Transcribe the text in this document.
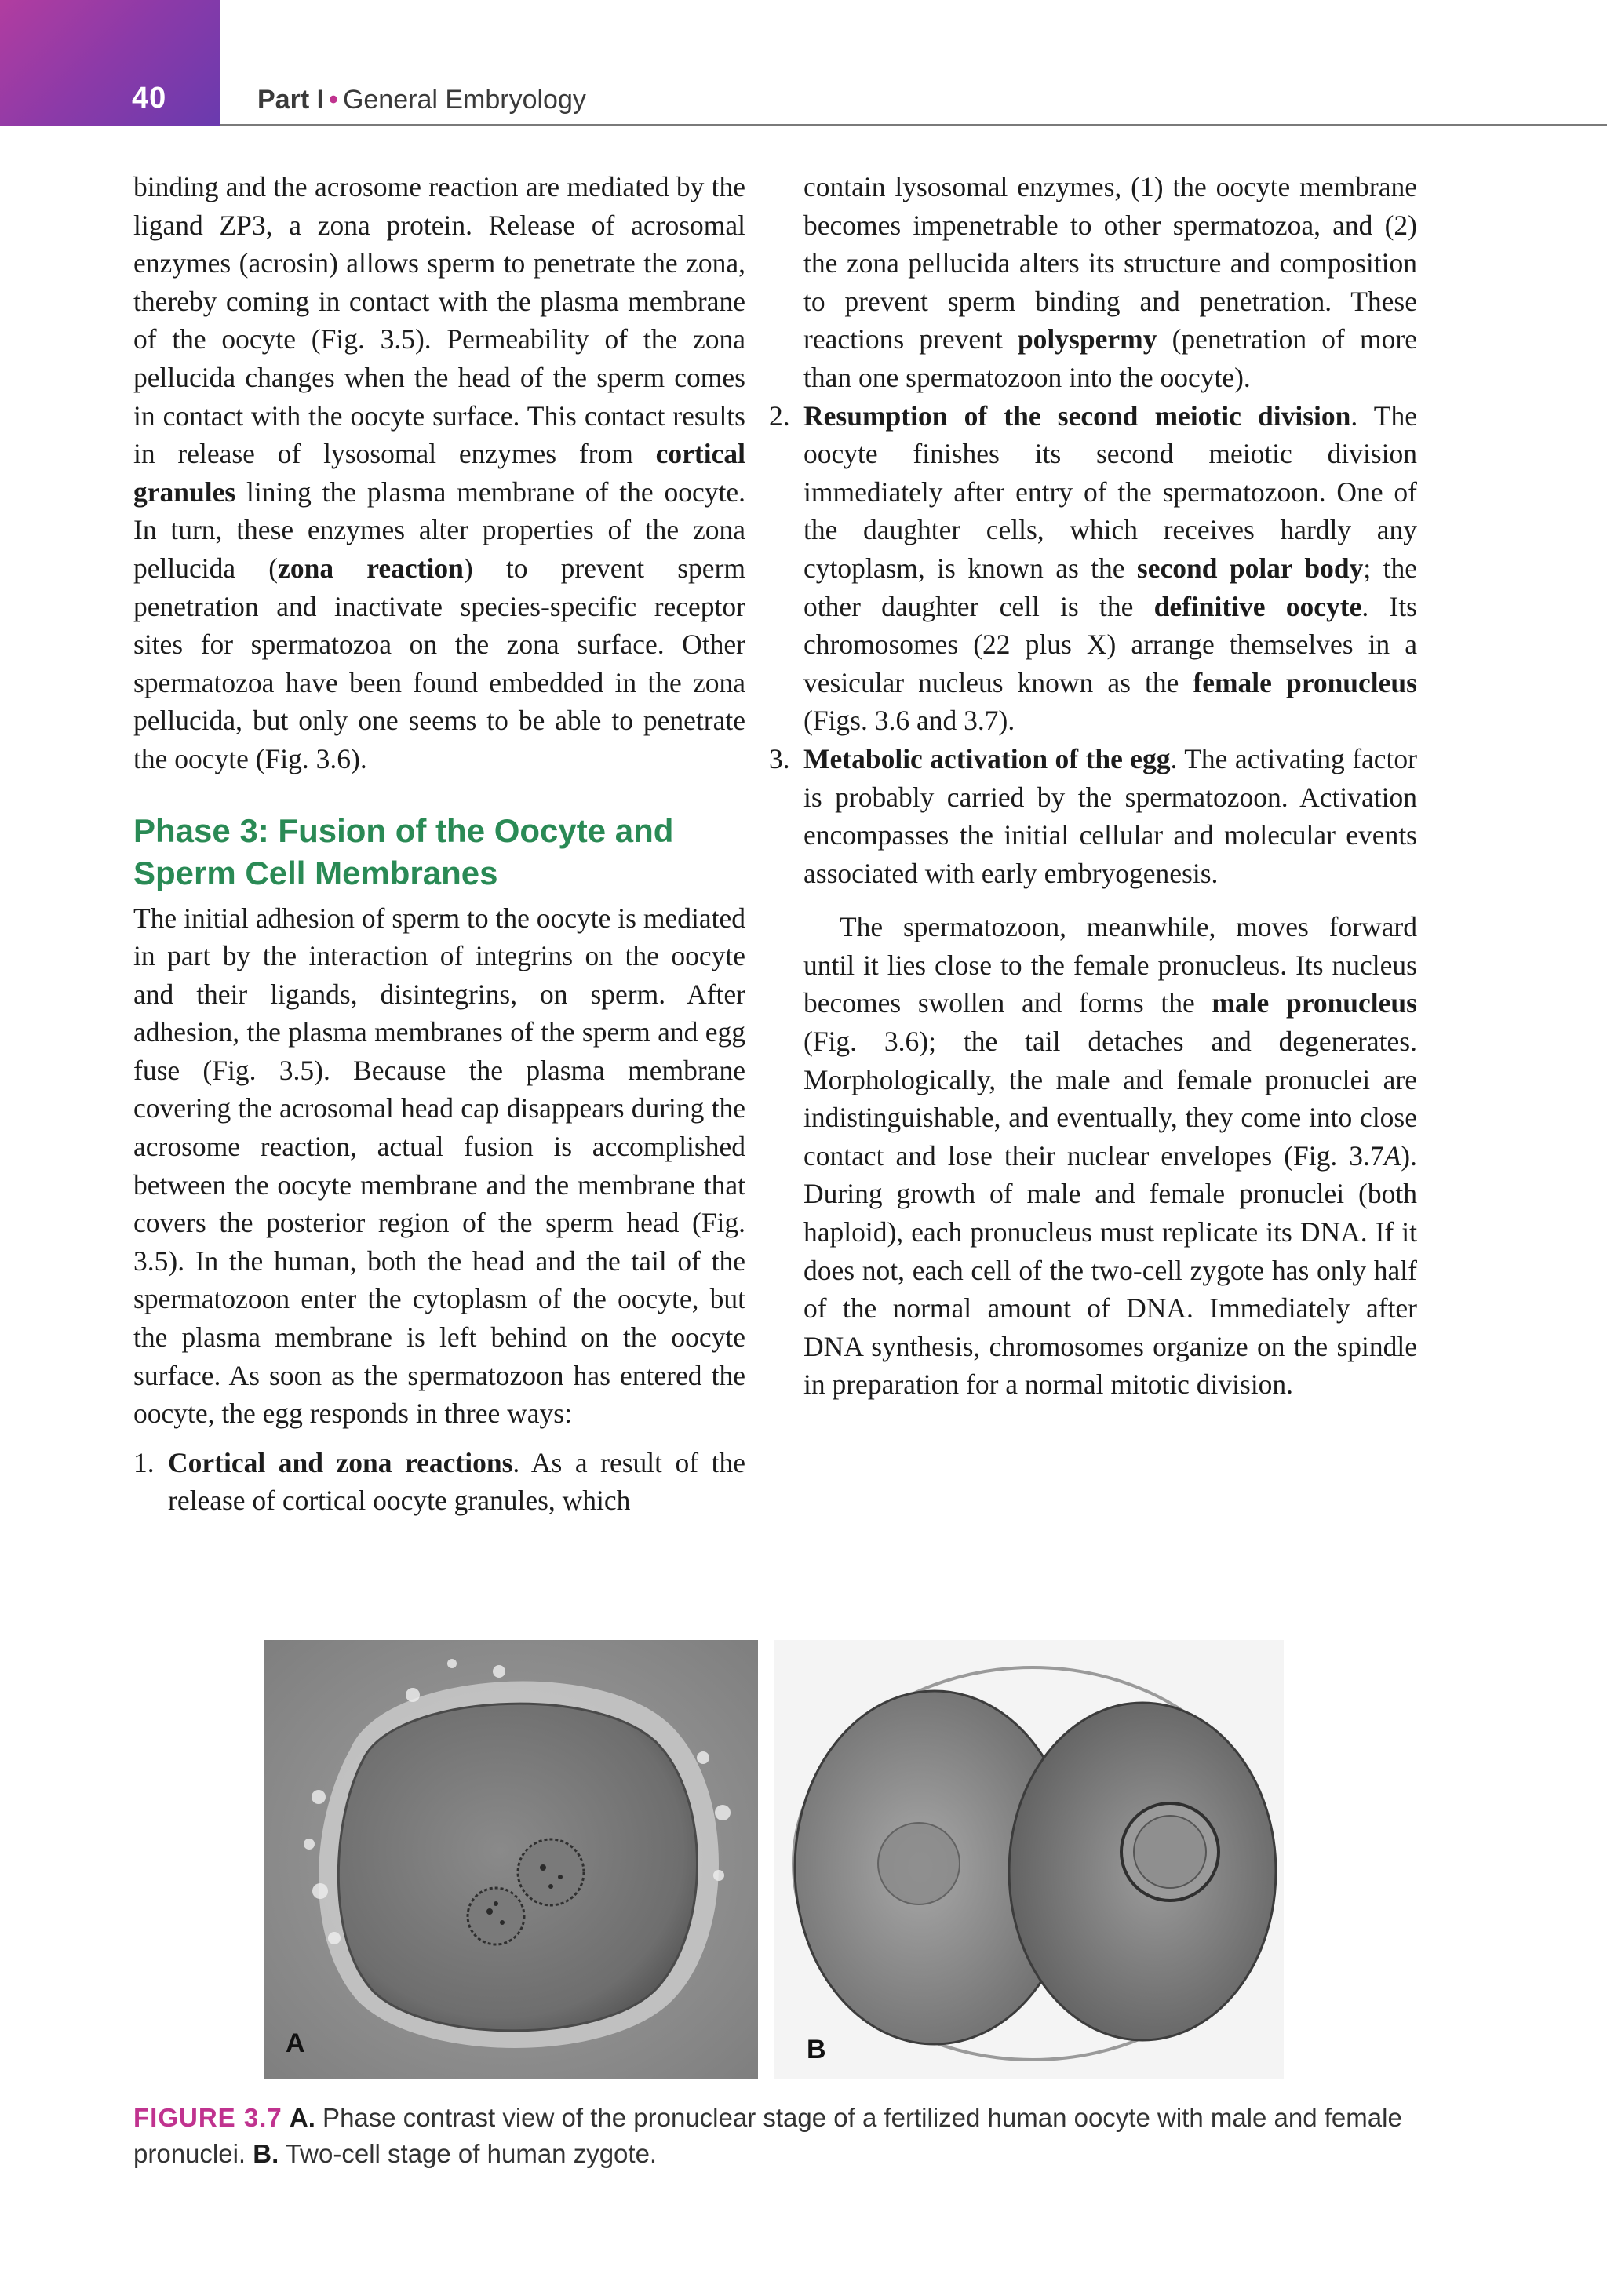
40	Part I • General Embryology

binding and the acrosome reaction are mediated by the ligand ZP3, a zona protein. Release of acrosomal enzymes (acrosin) allows sperm to penetrate the zona, thereby coming in contact with the plasma membrane of the oocyte (Fig. 3.5). Permeability of the zona pellucida changes when the head of the sperm comes in contact with the oocyte surface. This contact results in release of lysosomal enzymes from cortical granules lining the plasma membrane of the oocyte. In turn, these enzymes alter properties of the zona pellucida (zona reaction) to prevent sperm penetration and inactivate species-specific receptor sites for spermatozoa on the zona surface. Other spermatozoa have been found embedded in the zona pellucida, but only one seems to be able to penetrate the oocyte (Fig. 3.6).

Phase 3: Fusion of the Oocyte and Sperm Cell Membranes

The initial adhesion of sperm to the oocyte is mediated in part by the interaction of integrins on the oocyte and their ligands, disintegrins, on sperm. After adhesion, the plasma membranes of the sperm and egg fuse (Fig. 3.5). Because the plasma membrane covering the acrosomal head cap disappears during the acrosome reaction, actual fusion is accomplished between the oocyte membrane and the membrane that covers the posterior region of the sperm head (Fig. 3.5). In the human, both the head and the tail of the spermatozoon enter the cytoplasm of the oocyte, but the plasma membrane is left behind on the oocyte surface. As soon as the spermatozoon has entered the oocyte, the egg responds in three ways:

1. Cortical and zona reactions. As a result of the release of cortical oocyte granules, which

contain lysosomal enzymes, (1) the oocyte membrane becomes impenetrable to other spermatozoa, and (2) the zona pellucida alters its structure and composition to prevent sperm binding and penetration. These reactions prevent polyspermy (penetration of more than one spermatozoon into the oocyte).

2. Resumption of the second meiotic division. The oocyte finishes its second meiotic division immediately after entry of the spermatozoon. One of the daughter cells, which receives hardly any cytoplasm, is known as the second polar body; the other daughter cell is the definitive oocyte. Its chromosomes (22 plus X) arrange themselves in a vesicular nucleus known as the female pronucleus (Figs. 3.6 and 3.7).
3. Metabolic activation of the egg. The activating factor is probably carried by the spermatozoon. Activation encompasses the initial cellular and molecular events associated with early embryogenesis.

The spermatozoon, meanwhile, moves forward until it lies close to the female pronucleus. Its nucleus becomes swollen and forms the male pronucleus (Fig. 3.6); the tail detaches and degenerates. Morphologically, the male and female pronuclei are indistinguishable, and eventually, they come into close contact and lose their nuclear envelopes (Fig. 3.7A). During growth of male and female pronuclei (both haploid), each pronucleus must replicate its DNA. If it does not, each cell of the two-cell zygote has only half of the normal amount of DNA. Immediately after DNA synthesis, chromosomes organize on the spindle in preparation for a normal mitotic division.

A	B
FIGURE 3.7 A. Phase contrast view of the pronuclear stage of a fertilized human oocyte with male and female pronuclei. B. Two-cell stage of human zygote.
